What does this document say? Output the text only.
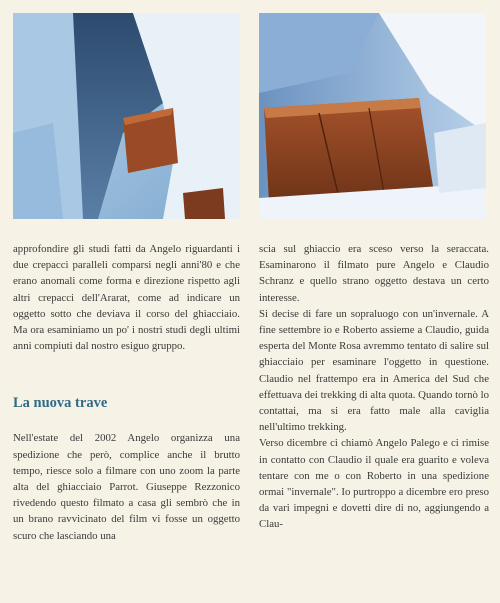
approfondire gli studi fatti da Angelo riguardanti i due crepacci paralleli comparsi negli anni'80 e che erano anomali come forma e direzione rispetto agli altri crepacci dell'Ararat, come ad indicare un oggetto sotto che deviava il corso del ghiacciaio. Ma ora esaminiamo un po' i nostri studi degli ultimi anni compiuti dal nostro esiguo gruppo.

La nuova trave

Nell'estate del 2002 Angelo organizza una spedizione che però, complice anche il brutto tempo, riesce solo a filmare con uno zoom la parte alta del ghiacciaio Parrot. Giuseppe Rezzonico rivedendo questo filmato a casa gli sembrò che in un brano ravvicinato del film vi fosse un oggetto scuro che lasciando una

scia sul ghiaccio era sceso verso la seraccata. Esaminarono il filmato pure Angelo e Claudio Schranz e quello strano oggetto destava un certo interesse.

Si decise di fare un sopraluogo con un'invernale. A fine settembre io e Roberto assieme a Claudio, guida esperta del Monte Rosa avremmo tentato di salire sul ghiacciaio per esaminare l'oggetto in questione. Claudio nel frattempo era in America del Sud che effettuava dei trekking di alta quota. Quando tornò lo contattai, ma si era fatto male alla caviglia nell'ultimo trekking.

Verso dicembre ci chiamò Angelo Palego e ci rimise in contatto con Claudio il quale era guarito e voleva tentare con me o con Roberto in una spedizione ormai "invernale". Io purtroppo a dicembre ero preso da vari impegni e dovetti dire di no, aggiungendo a Clau-
